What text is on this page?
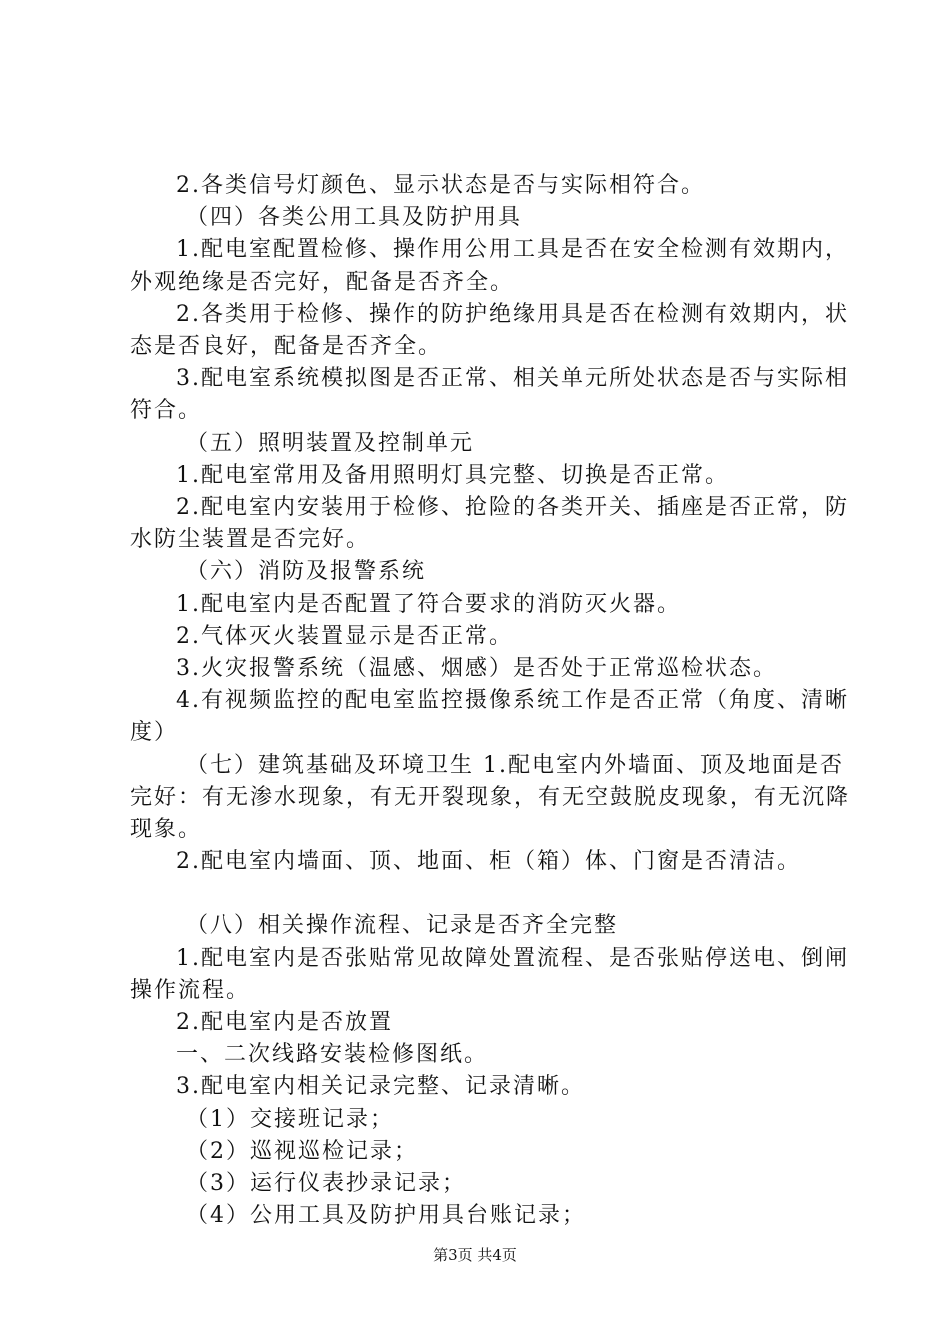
2.各类信号灯颜色、显示状态是否与实际相符合。

（四）各类公用工具及防护用具

1.配电室配置检修、操作用公用工具是否在安全检测有效期内，外观绝缘是否完好，配备是否齐全。

2.各类用于检修、操作的防护绝缘用具是否在检测有效期内，状态是否良好，配备是否齐全。

3.配电室系统模拟图是否正常、相关单元所处状态是否与实际相符合。

（五）照明装置及控制单元

1.配电室常用及备用照明灯具完整、切换是否正常。

2.配电室内安装用于检修、抢险的各类开关、插座是否正常，防水防尘装置是否完好。

（六）消防及报警系统

1.配电室内是否配置了符合要求的消防灭火器。

2.气体灭火装置显示是否正常。

3.火灾报警系统（温感、烟感）是否处于正常巡检状态。

4.有视频监控的配电室监控摄像系统工作是否正常（角度、清晰度）

（七）建筑基础及环境卫生 1.配电室内外墙面、顶及地面是否完好：有无渗水现象，有无开裂现象，有无空鼓脱皮现象，有无沉降现象。

2.配电室内墙面、顶、地面、柜（箱）体、门窗是否清洁。

（八）相关操作流程、记录是否齐全完整

1.配电室内是否张贴常见故障处置流程、是否张贴停送电、倒闸操作流程。

2.配电室内是否放置

一、二次线路安装检修图纸。

3.配电室内相关记录完整、记录清晰。

（1）交接班记录；

（2）巡视巡检记录；

（3）运行仪表抄录记录；

（4）公用工具及防护用具台账记录；

第3页 共4页
